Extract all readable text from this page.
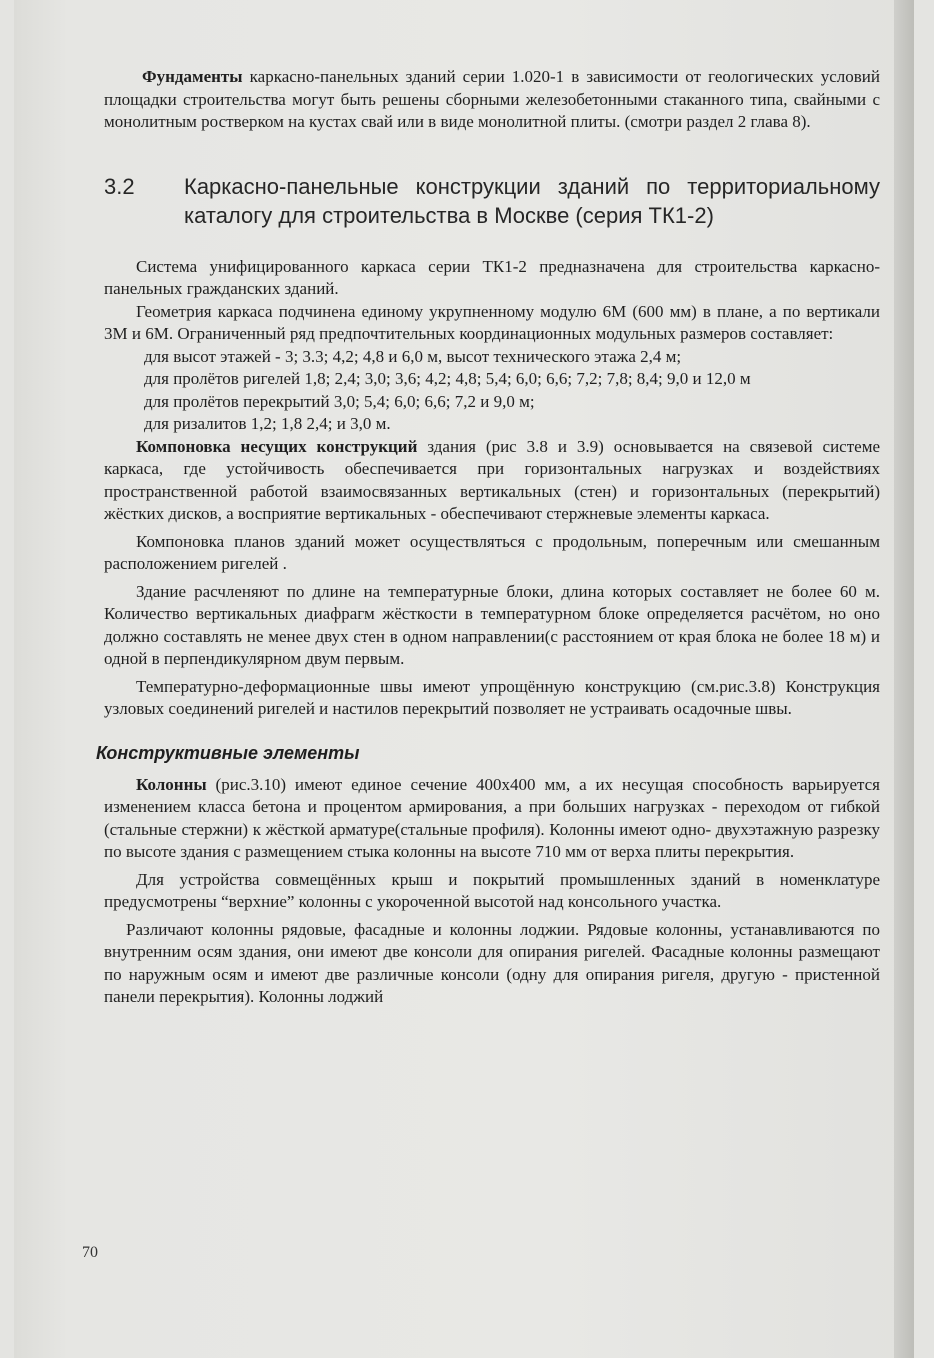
Фундаменты каркасно-панельных зданий серии 1.020-1 в зависимости от геологических условий площадки строительства могут быть решены сборными железобетонными стаканного типа, свайными с монолитным ростверком на кустах свай или в виде монолитной плиты. (смотри раздел 2 глава 8).

3.2	Каркасно-панельные конструкции зданий по территориальному каталогу для строительства в Москве (серия ТК1-2)

Система унифицированного каркаса серии ТК1-2 предназначена для строительства каркасно-панельных гражданских зданий.

Геометрия каркаса подчинена единому укрупненному модулю 6М (600 мм) в плане, а по вертикали 3М и 6М. Ограниченный ряд предпочтительных координационных модульных размеров составляет:

для высот этажей - 3; 3.3; 4,2; 4,8 и 6,0 м, высот технического этажа 2,4 м;

для пролётов ригелей 1,8; 2,4; 3,0; 3,6; 4,2; 4,8; 5,4; 6,0; 6,6; 7,2; 7,8; 8,4; 9,0 и 12,0 м

для пролётов перекрытий 3,0; 5,4; 6,0; 6,6; 7,2 и 9,0 м;

для ризалитов 1,2; 1,8 2,4; и 3,0 м.

Компоновка несущих конструкций здания (рис 3.8 и 3.9) основывается на связевой системе каркаса, где устойчивость обеспечивается при горизонтальных нагрузках и воздействиях пространственной работой взаимосвязанных вертикальных (стен) и горизонтальных (перекрытий) жёстких дисков, а восприятие вертикальных - обеспечивают стержневые элементы каркаса.

Компоновка планов зданий может осуществляться с продольным, поперечным или смешанным расположением ригелей .

Здание расчленяют по длине на температурные блоки, длина которых составляет не более 60 м. Количество вертикальных диафрагм жёсткости в температурном блоке определяется расчётом, но оно должно составлять не менее двух стен в одном направлении(с расстоянием от края блока не более 18 м) и одной в перпендикулярном двум первым.

Температурно-деформационные швы имеют упрощённую конструкцию (см.рис.3.8) Конструкция узловых соединений ригелей и настилов перекрытий позволяет не устраивать осадочные швы.

Конструктивные элементы

Колонны (рис.3.10) имеют единое сечение 400х400 мм, а их несущая способность варьируется изменением класса бетона и процентом армирования, а при больших нагрузках - переходом от гибкой (стальные стержни) к жёсткой арматуре(стальные профиля). Колонны имеют одно- двухэтажную разрезку по высоте здания с размещением стыка колонны на высоте 710 мм от верха плиты перекрытия.

Для устройства совмещённых крыш и покрытий промышленных зданий в номенклатуре предусмотрены “верхние” колонны с укороченной высотой над консольного участка.

Различают колонны рядовые, фасадные и колонны лоджии. Рядовые колонны, устанавливаются по внутренним осям здания, они имеют две консоли для опирания ригелей. Фасадные колонны размещают по наружным осям и имеют две различные консоли (одну для опирания ригеля, другую - пристенной панели перекрытия). Колонны лоджий

70
